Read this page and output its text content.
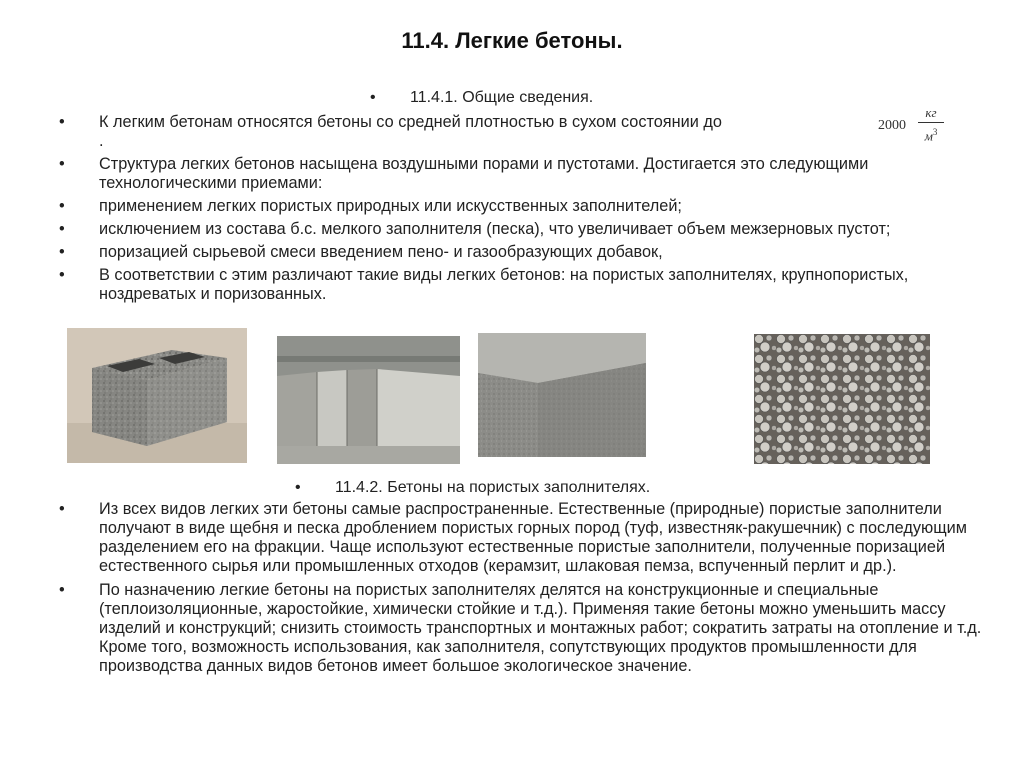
11.4. Легкие бетоны.
• 11.4.1. Общие сведения.
• К легким бетонам относятся бетоны со средней плотностью в сухом состоянии до
.
• Структура легких бетонов насыщена воздушными порами и пустотами. Достигается это следующими технологическими приемами:
• применением легких пористых природных или искусственных заполнителей;
• исключением из состава б.с. мелкого заполнителя (песка), что увеличивает объем межзерновых пустот;
• поризацией сырьевой смеси введением пено- и газообразующих добавок,
• В соответствии с этим различают такие виды легких бетонов: на пористых заполнителях, крупнопористых, ноздреватых и поризованных.
2000
кг
$м^3$
• 11.4.2. Бетоны на пористых заполнителях.
• Из всех видов легких эти бетоны самые распространенные. Естественные (природные) пористые заполнители получают в виде щебня и песка дроблением пористых горных пород (туф, известняк-ракушечник) с последующим разделением его на фракции. Чаще используют естественные пористые заполнители, полученные поризацией естественного сырья или промышленных отходов (керамзит, шлаковая пемза, вспученный перлит и др.).
• По назначению легкие бетоны на пористых заполнителях делятся на конструкционные и специальные (теплоизоляционные, жаростойкие, химически стойкие и т.д.). Применяя такие бетоны можно уменьшить массу изделий и конструкций; снизить стоимость транспортных и монтажных работ; сократить затраты на отопление и т.д. Кроме того, возможность использования, как заполнителя, сопутствующих продуктов промышленности для производства данных видов бетонов имеет большое экологическое значение.
